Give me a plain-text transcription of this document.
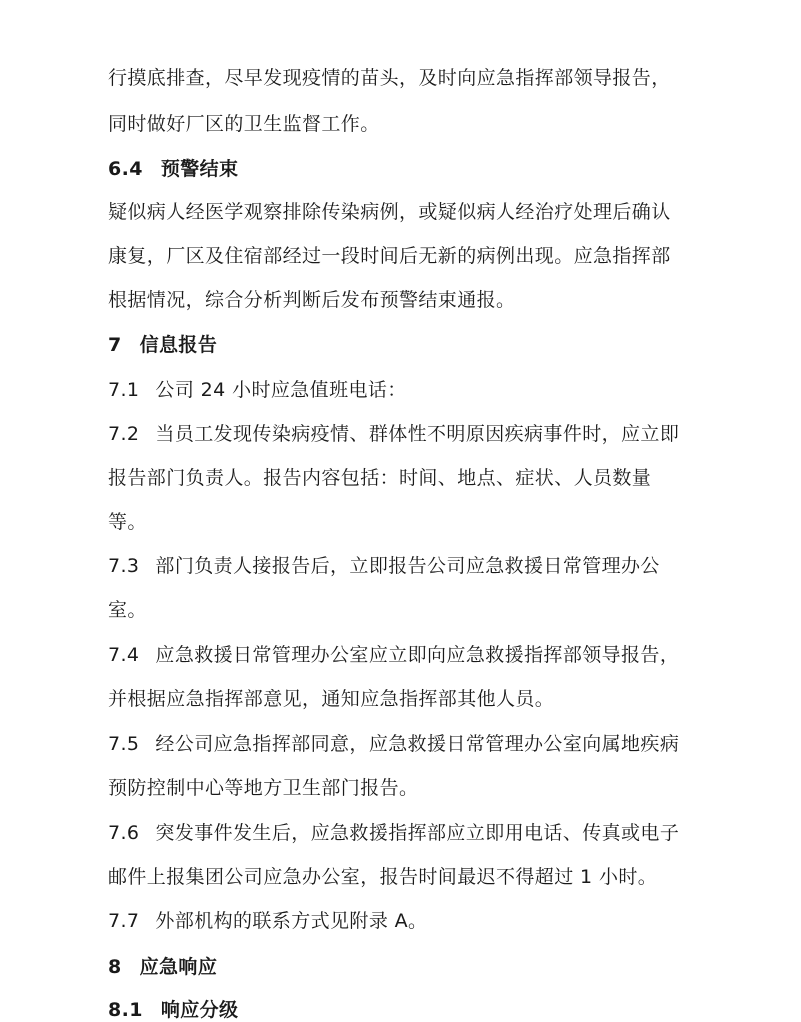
行摸底排查，尽早发现疫情的苗头，及时向应急指挥部领导报告，
同时做好厂区的卫生监督工作。
6.4 预警结束
疑似病人经医学观察排除传染病例，或疑似病人经治疗处理后确认
康复，厂区及住宿部经过一段时间后无新的病例出现。应急指挥部
根据情况，综合分析判断后发布预警结束通报。
7 信息报告
7.1 公司 24 小时应急值班电话：
7.2 当员工发现传染病疫情、群体性不明原因疾病事件时，应立即
报告部门负责人。报告内容包括：时间、地点、症状、人员数量
等。
7.3 部门负责人接报告后，立即报告公司应急救援日常管理办公
室。
7.4 应急救援日常管理办公室应立即向应急救援指挥部领导报告，
并根据应急指挥部意见，通知应急指挥部其他人员。
7.5 经公司应急指挥部同意，应急救援日常管理办公室向属地疾病
预防控制中心等地方卫生部门报告。
7.6 突发事件发生后，应急救援指挥部应立即用电话、传真或电子
邮件上报集团公司应急办公室，报告时间最迟不得超过 1 小时。
7.7 外部机构的联系方式见附录 A。
8 应急响应
8.1 响应分级
